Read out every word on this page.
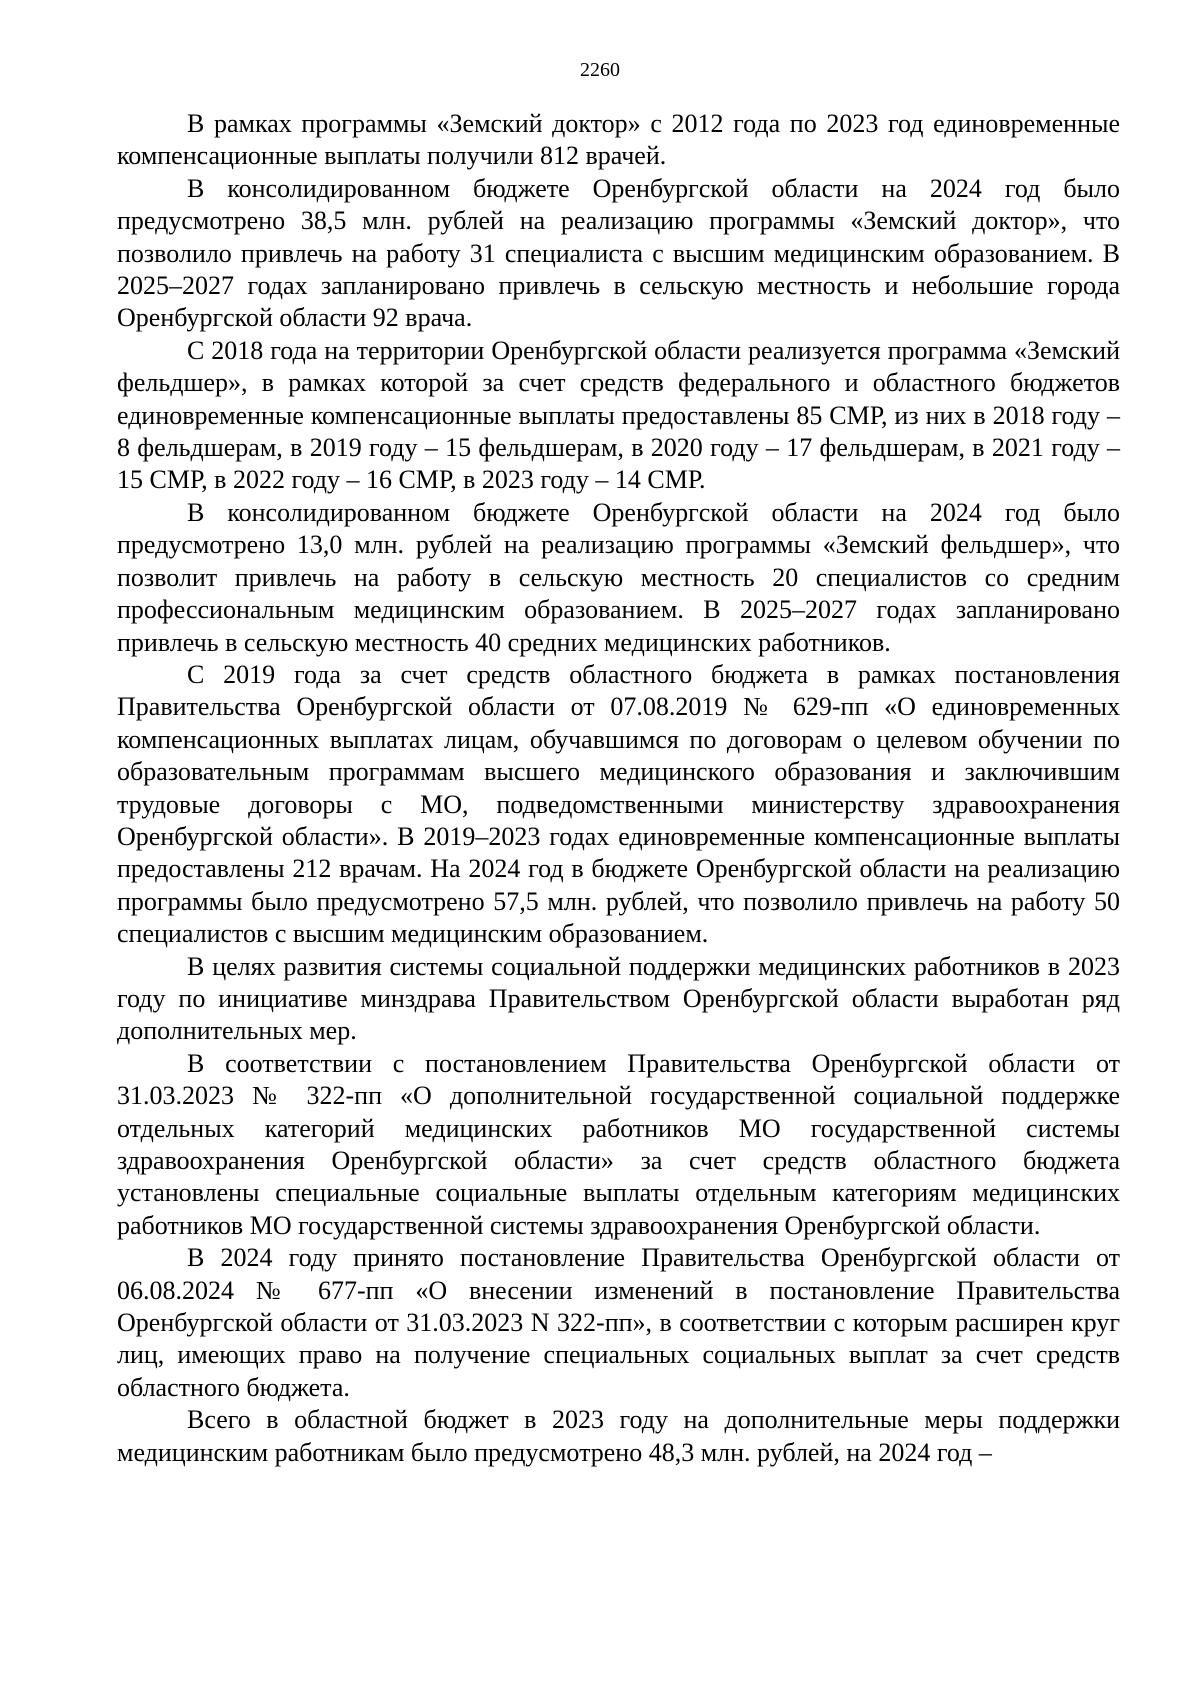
2260

В рамках программы «Земский доктор» с 2012 года по 2023 год единовременные компенсационные выплаты получили 812 врачей.

В консолидированном бюджете Оренбургской области на 2024 год было предусмотрено 38,5 млн. рублей на реализацию программы «Земский доктор», что позволило привлечь на работу 31 специалиста с высшим медицинским образованием. В 2025–2027 годах запланировано привлечь в сельскую местность и небольшие города Оренбургской области 92 врача.

С 2018 года на территории Оренбургской области реализуется программа «Земский фельдшер», в рамках которой за счет средств федерального и областного бюджетов единовременные компенсационные выплаты предоставлены 85 СМР, из них в 2018 году – 8 фельдшерам, в 2019 году – 15 фельдшерам, в 2020 году – 17 фельдшерам, в 2021 году – 15 СМР, в 2022 году – 16 СМР, в 2023 году – 14 СМР.

В консолидированном бюджете Оренбургской области на 2024 год было предусмотрено 13,0 млн. рублей на реализацию программы «Земский фельдшер», что позволит привлечь на работу в сельскую местность 20 специалистов со средним профессиональным медицинским образованием. В 2025–2027 годах запланировано привлечь в сельскую местность 40 средних медицинских работников.

С 2019 года за счет средств областного бюджета в рамках постановления Правительства Оренбургской области от 07.08.2019 № 629-пп «О единовременных компенсационных выплатах лицам, обучавшимся по договорам о целевом обучении по образовательным программам высшего медицинского образования и заключившим трудовые договоры с МО, подведомственными министерству здравоохранения Оренбургской области». В 2019–2023 годах единовременные компенсационные выплаты предоставлены 212 врачам. На 2024 год в бюджете Оренбургской области на реализацию программы было предусмотрено 57,5 млн. рублей, что позволило привлечь на работу 50 специалистов с высшим медицинским образованием.

В целях развития системы социальной поддержки медицинских работников в 2023 году по инициативе минздрава Правительством Оренбургской области выработан ряд дополнительных мер.

В соответствии с постановлением Правительства Оренбургской области от 31.03.2023 № 322-пп «О дополнительной государственной социальной поддержке отдельных категорий медицинских работников МО государственной системы здравоохранения Оренбургской области» за счет средств областного бюджета установлены специальные социальные выплаты отдельным категориям медицинских работников МО государственной системы здравоохранения Оренбургской области.

В 2024 году принято постановление Правительства Оренбургской области от 06.08.2024 № 677-пп «О внесении изменений в постановление Правительства Оренбургской области от 31.03.2023 N 322-пп», в соответствии с которым расширен круг лиц, имеющих право на получение специальных социальных выплат за счет средств областного бюджета.

Всего в областной бюджет в 2023 году на дополнительные меры поддержки медицинским работникам было предусмотрено 48,3 млн. рублей, на 2024 год –
